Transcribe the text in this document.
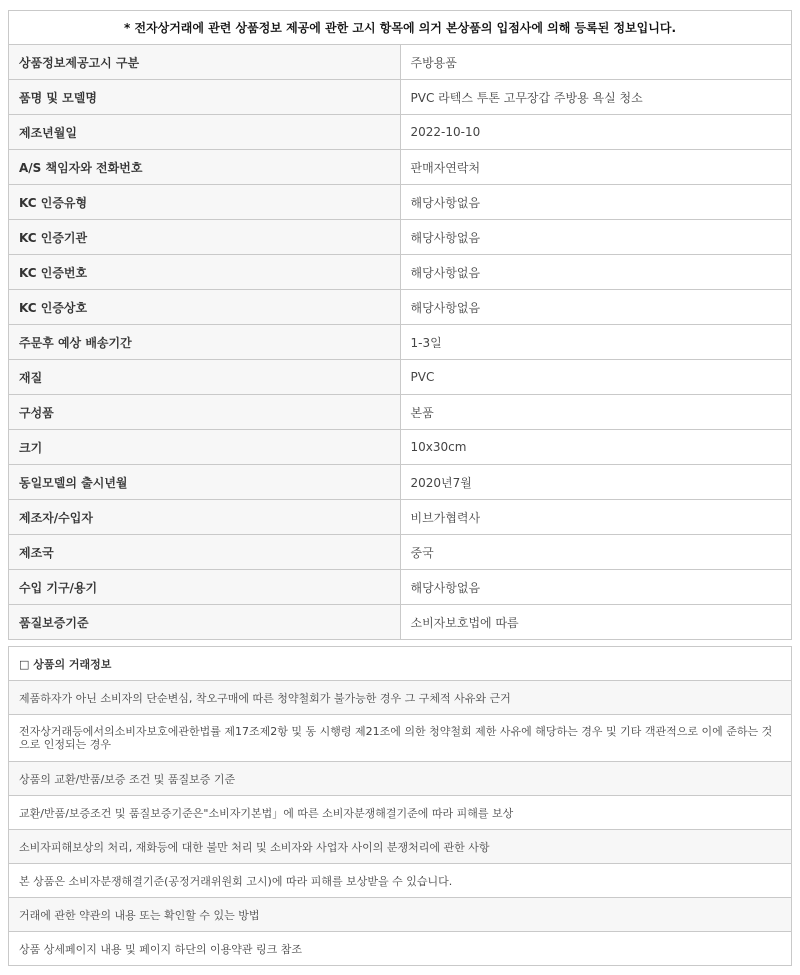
* 전자상거래에 관련 상품정보 제공에 관한 고시 항목에 의거 본상품의 입점사에 의해 등록된 정보입니다.	
상품정보제공고시 구분	주방용품
품명 및 모델명	PVC 라텍스 투톤 고무장갑 주방용 욕실 청소
제조년월일	2022-10-10
A/S 책임자와 전화번호	판매자연락처
KC 인증유형	해당사항없음
KC 인증기관	해당사항없음
KC 인증번호	해당사항없음
KC 인증상호	해당사항없음
주문후 예상 배송기간	1-3일
재질	PVC
구성품	본품
크기	10x30cm
동일모델의 출시년월	2020년7월
제조자/수입자	비브가협력사
제조국	중국
수입 기구/용기	해당사항없음
품질보증기준	소비자보호법에 따름
□ 상품의 거래정보
제품하자가 아닌 소비자의 단순변심, 착오구매에 따른 청약철회가 불가능한 경우 그 구체적 사유와 근거
전자상거래등에서의소비자보호에관한법률 제17조제2항 및 동 시행령 제21조에 의한 청약철회 제한 사유에 해당하는 경우 및 기타 객관적으로 이에 준하는 것으로 인정되는 경우
상품의 교환/반품/보증 조건 및 품질보증 기준
교환/반품/보증조건 및 품질보증기준은"소비자기본법」에 따른 소비자분쟁해결기준에 따라 피해를 보상
소비자피해보상의 처리, 재화등에 대한 불만 처리 및 소비자와 사업자 사이의 분쟁처리에 관한 사항
본 상품은 소비자분쟁해결기준(공정거래위원회 고시)에 따라 피해를 보상받을 수 있습니다.
거래에 관한 약관의 내용 또는 확인할 수 있는 방법
상품 상세페이지 내용 및 페이지 하단의 이용약관 링크 참조
